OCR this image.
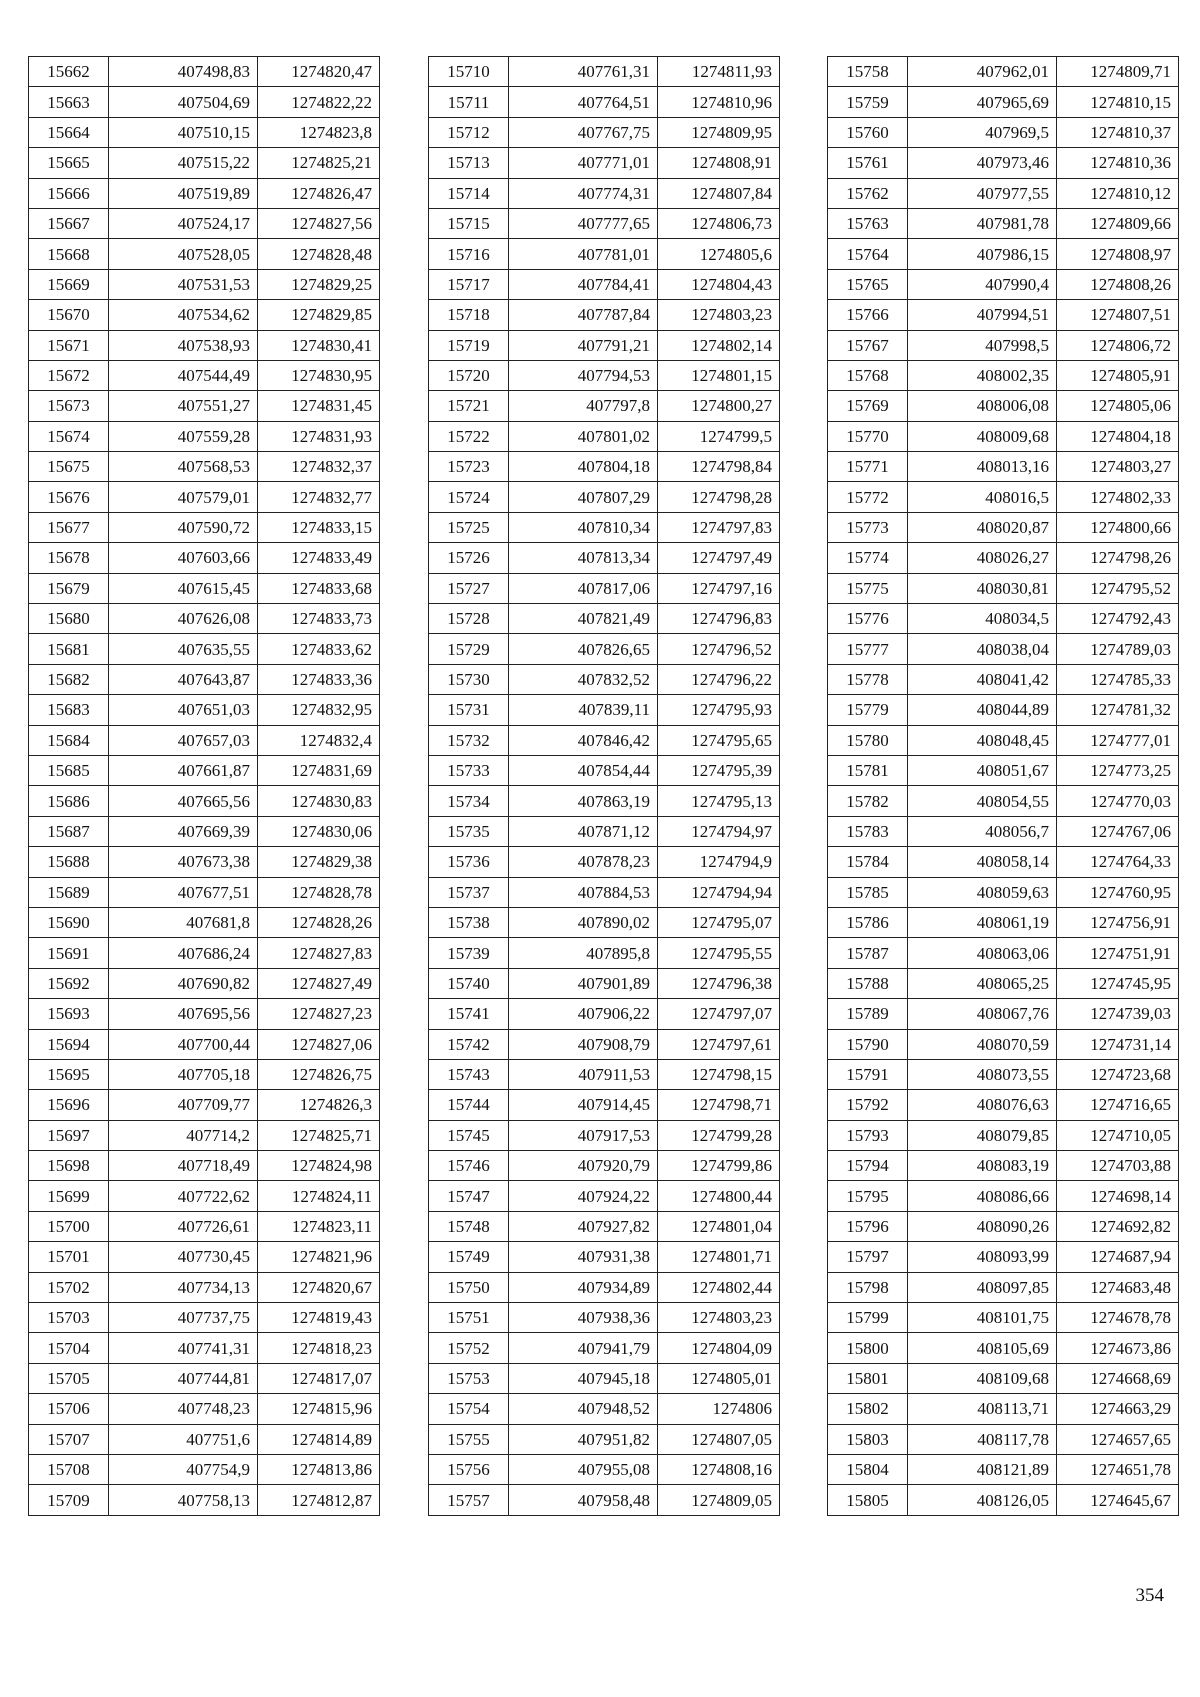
15662	407498,83	1274820,47
15663	407504,69	1274822,22
15664	407510,15	1274823,8
15665	407515,22	1274825,21
15666	407519,89	1274826,47
15667	407524,17	1274827,56
15668	407528,05	1274828,48
15669	407531,53	1274829,25
15670	407534,62	1274829,85
15671	407538,93	1274830,41
15672	407544,49	1274830,95
15673	407551,27	1274831,45
15674	407559,28	1274831,93
15675	407568,53	1274832,37
15676	407579,01	1274832,77
15677	407590,72	1274833,15
15678	407603,66	1274833,49
15679	407615,45	1274833,68
15680	407626,08	1274833,73
15681	407635,55	1274833,62
15682	407643,87	1274833,36
15683	407651,03	1274832,95
15684	407657,03	1274832,4
15685	407661,87	1274831,69
15686	407665,56	1274830,83
15687	407669,39	1274830,06
15688	407673,38	1274829,38
15689	407677,51	1274828,78
15690	407681,8	1274828,26
15691	407686,24	1274827,83
15692	407690,82	1274827,49
15693	407695,56	1274827,23
15694	407700,44	1274827,06
15695	407705,18	1274826,75
15696	407709,77	1274826,3
15697	407714,2	1274825,71
15698	407718,49	1274824,98
15699	407722,62	1274824,11
15700	407726,61	1274823,11
15701	407730,45	1274821,96
15702	407734,13	1274820,67
15703	407737,75	1274819,43
15704	407741,31	1274818,23
15705	407744,81	1274817,07
15706	407748,23	1274815,96
15707	407751,6	1274814,89
15708	407754,9	1274813,86
15709	407758,13	1274812,87
15710	407761,31	1274811,93
15711	407764,51	1274810,96
15712	407767,75	1274809,95
15713	407771,01	1274808,91
15714	407774,31	1274807,84
15715	407777,65	1274806,73
15716	407781,01	1274805,6
15717	407784,41	1274804,43
15718	407787,84	1274803,23
15719	407791,21	1274802,14
15720	407794,53	1274801,15
15721	407797,8	1274800,27
15722	407801,02	1274799,5
15723	407804,18	1274798,84
15724	407807,29	1274798,28
15725	407810,34	1274797,83
15726	407813,34	1274797,49
15727	407817,06	1274797,16
15728	407821,49	1274796,83
15729	407826,65	1274796,52
15730	407832,52	1274796,22
15731	407839,11	1274795,93
15732	407846,42	1274795,65
15733	407854,44	1274795,39
15734	407863,19	1274795,13
15735	407871,12	1274794,97
15736	407878,23	1274794,9
15737	407884,53	1274794,94
15738	407890,02	1274795,07
15739	407895,8	1274795,55
15740	407901,89	1274796,38
15741	407906,22	1274797,07
15742	407908,79	1274797,61
15743	407911,53	1274798,15
15744	407914,45	1274798,71
15745	407917,53	1274799,28
15746	407920,79	1274799,86
15747	407924,22	1274800,44
15748	407927,82	1274801,04
15749	407931,38	1274801,71
15750	407934,89	1274802,44
15751	407938,36	1274803,23
15752	407941,79	1274804,09
15753	407945,18	1274805,01
15754	407948,52	1274806
15755	407951,82	1274807,05
15756	407955,08	1274808,16
15757	407958,48	1274809,05
15758	407962,01	1274809,71
15759	407965,69	1274810,15
15760	407969,5	1274810,37
15761	407973,46	1274810,36
15762	407977,55	1274810,12
15763	407981,78	1274809,66
15764	407986,15	1274808,97
15765	407990,4	1274808,26
15766	407994,51	1274807,51
15767	407998,5	1274806,72
15768	408002,35	1274805,91
15769	408006,08	1274805,06
15770	408009,68	1274804,18
15771	408013,16	1274803,27
15772	408016,5	1274802,33
15773	408020,87	1274800,66
15774	408026,27	1274798,26
15775	408030,81	1274795,52
15776	408034,5	1274792,43
15777	408038,04	1274789,03
15778	408041,42	1274785,33
15779	408044,89	1274781,32
15780	408048,45	1274777,01
15781	408051,67	1274773,25
15782	408054,55	1274770,03
15783	408056,7	1274767,06
15784	408058,14	1274764,33
15785	408059,63	1274760,95
15786	408061,19	1274756,91
15787	408063,06	1274751,91
15788	408065,25	1274745,95
15789	408067,76	1274739,03
15790	408070,59	1274731,14
15791	408073,55	1274723,68
15792	408076,63	1274716,65
15793	408079,85	1274710,05
15794	408083,19	1274703,88
15795	408086,66	1274698,14
15796	408090,26	1274692,82
15797	408093,99	1274687,94
15798	408097,85	1274683,48
15799	408101,75	1274678,78
15800	408105,69	1274673,86
15801	408109,68	1274668,69
15802	408113,71	1274663,29
15803	408117,78	1274657,65
15804	408121,89	1274651,78
15805	408126,05	1274645,67
354
